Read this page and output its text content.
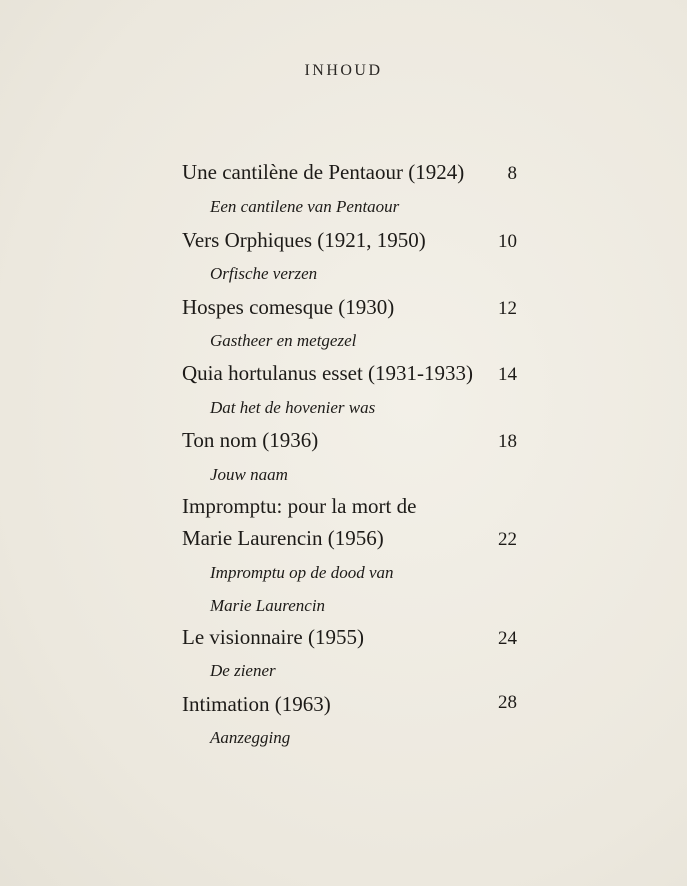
INHOUD
Une cantilène de Pentaour (1924)	8
Een cantilene van Pentaour
Vers Orphiques (1921, 1950)	10
Orfische verzen
Hospes comesque (1930)	12
Gastheer en metgezel
Quia hortulanus esset (1931-1933)	14
Dat het de hovenier was
Ton nom (1936)	18
Jouw naam
Impromptu: pour la mort de
Marie Laurencin (1956)	22
Impromptu op de dood van
Marie Laurencin
Le visionnaire (1955)	24
De ziener
Intimation (1963)	28
Aanzegging
